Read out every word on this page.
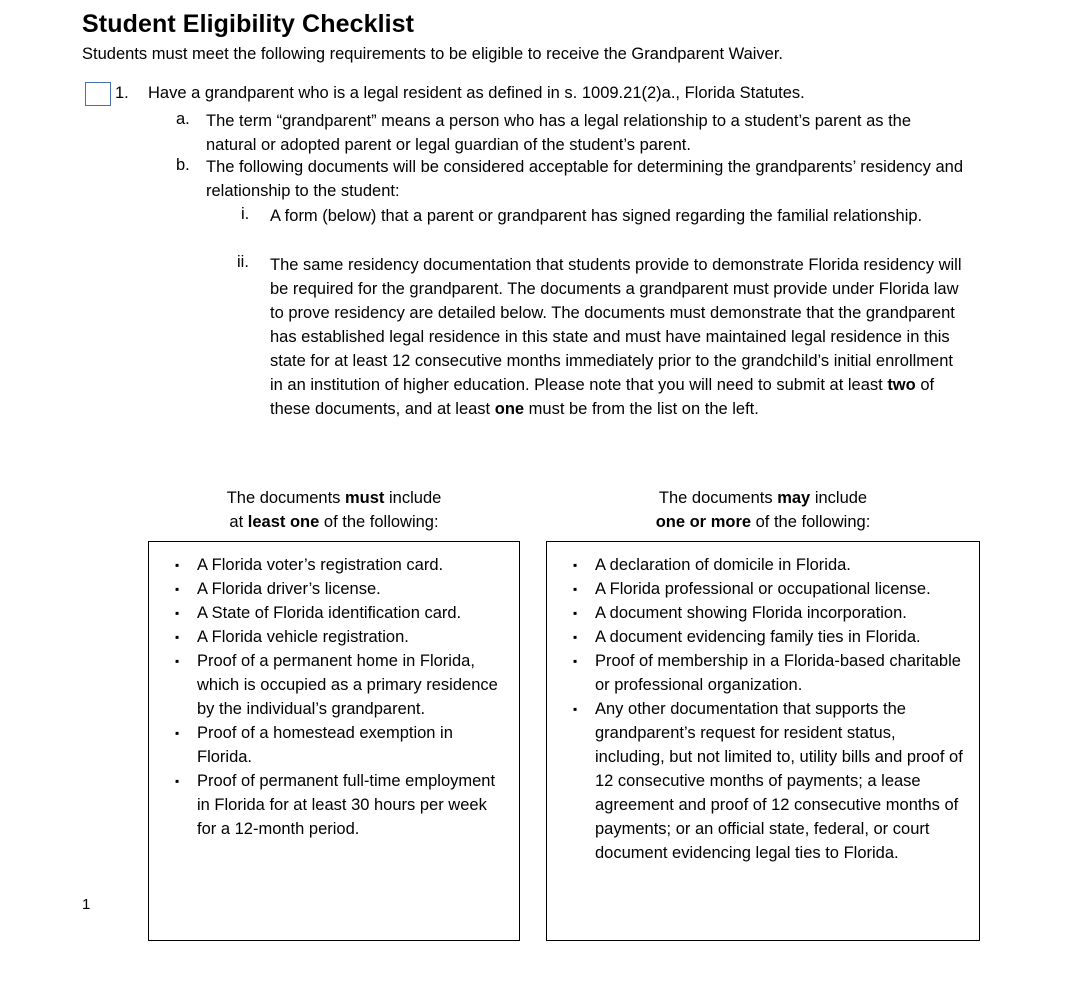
Student Eligibility Checklist
Students must meet the following requirements to be eligible to receive the Grandparent Waiver.
1. Have a grandparent who is a legal resident as defined in s. 1009.21(2)a., Florida Statutes.
a. The term “grandparent” means a person who has a legal relationship to a student’s parent as the natural or adopted parent or legal guardian of the student’s parent.
b. The following documents will be considered acceptable for determining the grandparents’ residency and relationship to the student:
i. A form (below) that a parent or grandparent has signed regarding the familial relationship.
ii. The same residency documentation that students provide to demonstrate Florida residency will be required for the grandparent. The documents a grandparent must provide under Florida law to prove residency are detailed below. The documents must demonstrate that the grandparent has established legal residence in this state and must have maintained legal residence in this state for at least 12 consecutive months immediately prior to the grandchild’s initial enrollment in an institution of higher education. Please note that you will need to submit at least two of these documents, and at least one must be from the list on the left.
The documents must include
at least one of the following:
The documents may include
one or more of the following:
▪ A Florida voter’s registration card.
▪ A Florida driver’s license.
▪ A State of Florida identification card.
▪ A Florida vehicle registration.
▪ Proof of a permanent home in Florida, which is occupied as a primary residence by the individual’s grandparent.
▪ Proof of a homestead exemption in Florida.
▪ Proof of permanent full-time employment in Florida for at least 30 hours per week for a 12-month period.
▪ A declaration of domicile in Florida.
▪ A Florida professional or occupational license.
▪ A document showing Florida incorporation.
▪ A document evidencing family ties in Florida.
▪ Proof of membership in a Florida-based charitable or professional organization.
▪ Any other documentation that supports the grandparent’s request for resident status, including, but not limited to, utility bills and proof of 12 consecutive months of payments; a lease agreement and proof of 12 consecutive months of payments; or an official state, federal, or court document evidencing legal ties to Florida.
1
